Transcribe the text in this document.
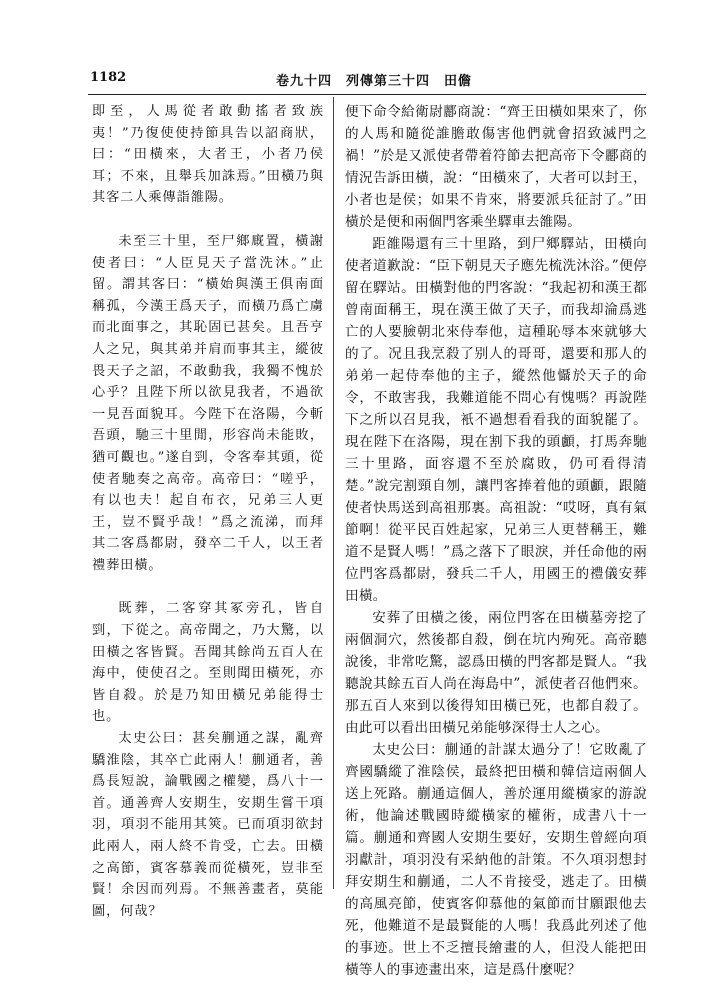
1182	卷九十四　列傳第三十四　田儋

即至，人馬從者敢動搖者致族夷！”乃復使使持節具告以詔商狀，曰：“田橫來，大者王，小者乃侯耳；不來，且舉兵加誅焉。”田橫乃與其客二人乘傳詣雒陽。

未至三十里，至尸鄉廐置，橫謝使者曰：“人臣見天子當洗沐。”止留。謂其客曰：“橫始與漢王俱南面稱孤，今漢王爲天子，而橫乃爲亡虜而北面事之，其恥固已甚矣。且吾亨人之兄，與其弟并肩而事其主，縱彼畏天子之詔，不敢動我，我獨不愧於心乎？且陛下所以欲見我者，不過欲一見吾面貌耳。今陛下在洛陽，今斬吾頭，馳三十里閒，形容尚未能敗，猶可觀也。”遂自剄，令客奉其頭，從使者馳奏之高帝。高帝曰：“嗟乎，有以也夫！起自布衣，兄弟三人更王，豈不賢乎哉！”爲之流涕，而拜其二客爲都尉，發卒二千人，以王者禮葬田橫。

既葬，二客穿其冢旁孔，皆自剄，下從之。高帝聞之，乃大驚，以田橫之客皆賢。吾聞其餘尚五百人在海中，使使召之。至則聞田橫死，亦皆自殺。於是乃知田橫兄弟能得士也。

太史公曰：甚矣蒯通之謀，亂齊驕淮陰，其卒亡此兩人！蒯通者，善爲長短說，論戰國之權變，爲八十一首。通善齊人安期生，安期生嘗干項羽，項羽不能用其筴。已而項羽欲封此兩人，兩人終不肯受，亡去。田橫之高節，賓客慕義而從橫死，豈非至賢！余因而列焉。不無善畫者，莫能圖，何哉？

便下命令給衛尉酈商說：“齊王田橫如果來了，你的人馬和隨從誰膽敢傷害他們就會招致滅門之禍！”於是又派使者帶着符節去把高帝下令酈商的情況告訴田橫，說：“田橫來了，大者可以封王，小者也是侯；如果不肯來，將要派兵征討了。”田橫於是便和兩個門客乘坐驛車去雒陽。

距雒陽還有三十里路，到尸鄉驛站，田橫向使者道歉說：“臣下朝見天子應先梳洗沐浴。”便停留在驛站。田橫對他的門客說：“我起初和漢王都曾南面稱王，現在漢王做了天子，而我却淪爲逃亡的人要臉朝北來侍奉他，這種恥辱本來就够大的了。况且我烹殺了别人的哥哥，還要和那人的弟弟一起侍奉他的主子，縱然他懾於天子的命令，不敢害我，我難道能不問心有愧嗎？再說陛下之所以召見我，衹不過想看看我的面貌罷了。現在陛下在洛陽，現在割下我的頭顱，打馬奔馳三十里路，面容還不至於腐敗，仍可看得清楚。”說完割頸自刎，讓門客捧着他的頭顱，跟隨使者快馬送到高祖那裏。高祖說：“哎呀，真有氣節啊！從平民百姓起家，兄弟三人更替稱王，難道不是賢人嗎！”爲之落下了眼淚，并任命他的兩位門客爲都尉，發兵二千人，用國王的禮儀安葬田橫。

安葬了田橫之後，兩位門客在田橫墓旁挖了兩個洞穴，然後都自殺，倒在坑内殉死。高帝聽說後，非常吃驚，認爲田橫的門客都是賢人。“我聽說其餘五百人尚在海島中”，派使者召他們來。那五百人來到以後得知田橫已死，也都自殺了。由此可以看出田橫兄弟能够深得士人之心。

太史公曰：蒯通的計謀太過分了！它敗亂了齊國驕縱了淮陰侯，最終把田橫和韓信這兩個人送上死路。蒯通這個人，善於運用縱橫家的游說術，他論述戰國時縱橫家的權術，成書八十一篇。蒯通和齊國人安期生要好，安期生曾經向項羽獻計，項羽没有采納他的計策。不久項羽想封拜安期生和蒯通，二人不肯接受，逃走了。田橫的高風亮節，使賓客仰慕他的氣節而甘願跟他去死，他難道不是最賢能的人嗎！我爲此列述了他的事迹。世上不乏擅長繪畫的人，但没人能把田橫等人的事迹畫出來，這是爲什麼呢？
